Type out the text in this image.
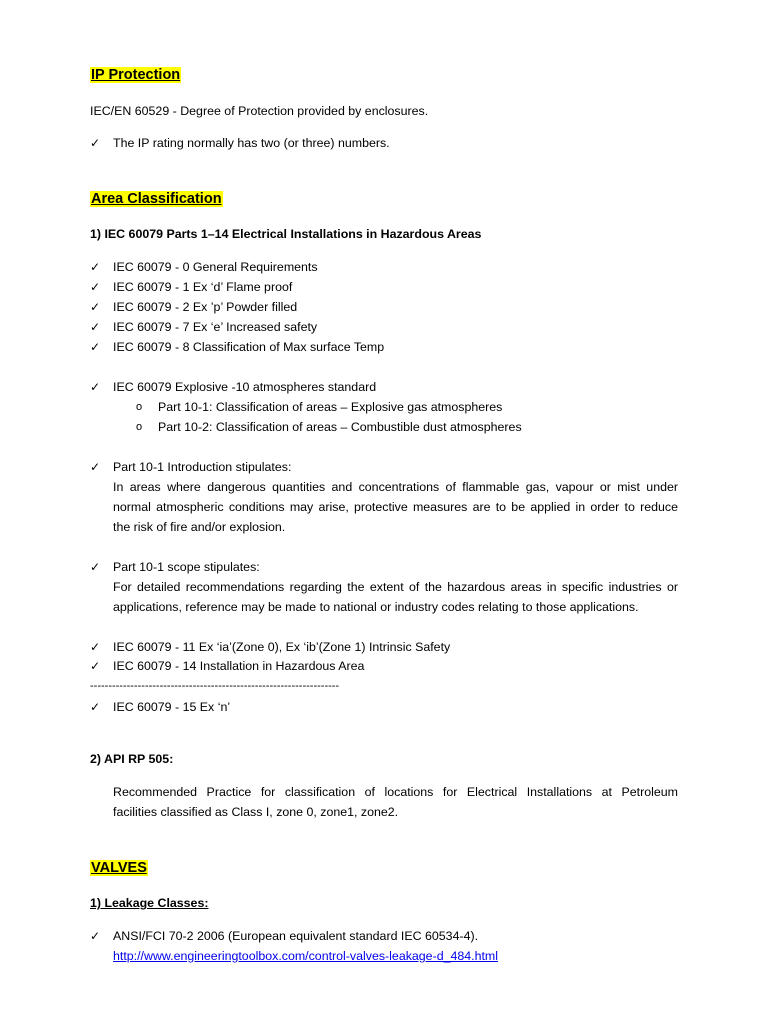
IP Protection
IEC/EN 60529 - Degree of Protection provided by enclosures.
✓	The IP rating normally has two (or three) numbers.
Area Classification
1) IEC 60079 Parts 1–14 Electrical Installations in Hazardous Areas
✓	IEC 60079 - 0 General Requirements
✓	IEC 60079 - 1 Ex ‘d’ Flame proof
✓	IEC 60079 - 2 Ex ’p’ Powder filled
✓	IEC 60079 - 7 Ex ‘e’ Increased safety
✓	IEC 60079 - 8 Classification of Max surface Temp
✓	IEC 60079 Explosive -10 atmospheres standard
o Part 10-1: Classification of areas – Explosive gas atmospheres
o Part 10-2: Classification of areas – Combustible dust atmospheres
✓	Part 10-1 Introduction stipulates:
In areas where dangerous quantities and concentrations of flammable gas, vapour or mist under
normal atmospheric conditions may arise, protective measures are to be applied in order to reduce
the risk of fire and/or explosion.
✓	Part 10-1 scope stipulates:
For detailed recommendations regarding the extent of the hazardous areas in specific industries or
applications, reference may be made to national or industry codes relating to those applications.
✓	IEC 60079 - 11 Ex ‘ia’(Zone 0), Ex ‘ib’(Zone 1) Intrinsic Safety
✓	IEC 60079 - 14 Installation in Hazardous Area
--------------------------------------------------------------------
✓	IEC 60079 - 15 Ex ‘n’
2) API RP 505:
Recommended Practice for classification of locations for Electrical Installations at Petroleum
facilities classified as Class I, zone 0, zone1, zone2.
VALVES
1) Leakage Classes:
✓	ANSI/FCI 70-2 2006 (European equivalent standard IEC 60534-4).
http://www.engineeringtoolbox.com/control-valves-leakage-d_484.html
